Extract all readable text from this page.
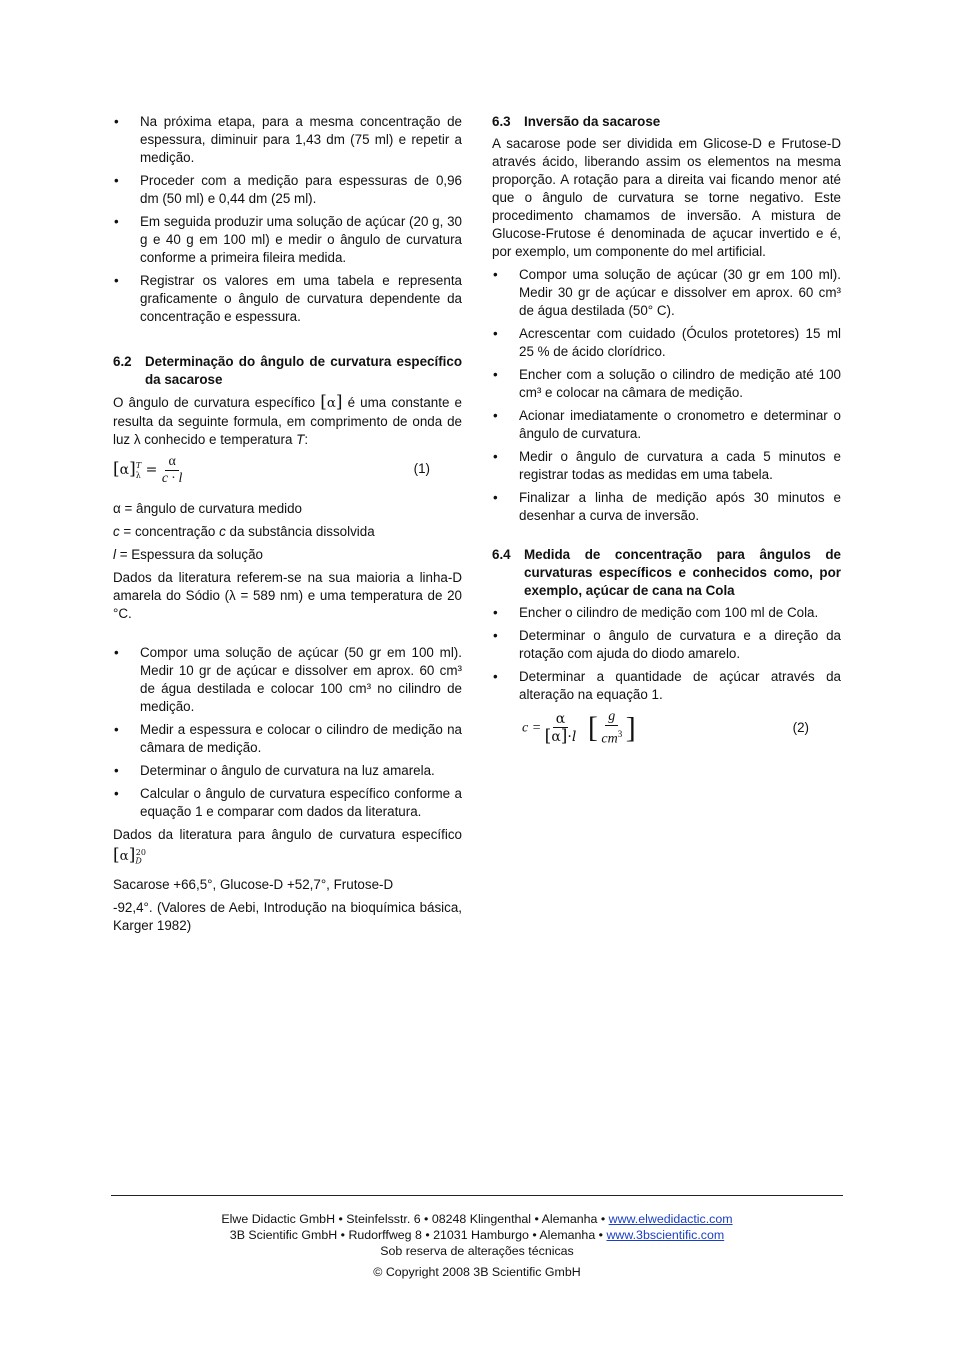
• Na próxima etapa, para a mesma concentração de espessura, diminuir para 1,43 dm (75 ml) e repetir a medição.
• Proceder com a medição para espessuras de 0,96 dm (50 ml) e 0,44 dm (25 ml).
• Em seguida produzir uma solução de açúcar (20 g, 30 g e 40 g em 100 ml) e medir o ângulo de curvatura conforme a primeira fileira medida.
• Registrar os valores em uma tabela e representa graficamente o ângulo de curvatura dependente da concentração e espessura.
6.2 Determinação do ângulo de curvatura específico da sacarose

O ângulo de curvatura específico [α] é uma constante e resulta da seguinte formula, em comprimento de onda de luz λ conhecido e temperatura T:

$[\alpha]_\lambda^T = \frac{\alpha}{c \cdot l}$	(1)

α = ângulo de curvatura medido

c = concentração c da substância dissolvida

l = Espessura da solução

Dados da literatura referem-se na sua maioria a linha-D amarela do Sódio (λ = 589 nm) e uma temperatura de 20 °C.

• Compor uma solução de açúcar (50 gr em 100 ml). Medir 10 gr de açúcar e dissolver em aprox. 60 cm³ de água destilada e colocar 100 cm³ no cilindro de medição.
• Medir a espessura e colocar o cilindro de medição na câmara de medição.
• Determinar o ângulo de curvatura na luz amarela.
• Calcular o ângulo de curvatura específico conforme a equação 1 e comparar com dados da literatura.

Dados da literatura para ângulo de curvatura específico $[\alpha]_D^{20}$

Sacarose +66,5°, Glucose-D +52,7°, Frutose-D

-92,4°. (Valores de Aebi, Introdução na bioquímica básica, Karger 1982)

6.3 Inversão da sacarose

A sacarose pode ser dividida em Glicose-D e Frutose-D através ácido, liberando assim os elementos na mesma proporção. A rotação para a direita vai ficando menor até que o ângulo de curvatura se torne negativo. Este procedimento chamamos de inversão. A mistura de Glucose-Frutose é denominada de açucar invertido e é, por exemplo, um componente do mel artificial.

• Compor uma solução de açúcar (30 gr em 100 ml). Medir 30 gr de açúcar e dissolver em aprox. 60 cm³ de água destilada (50° C).
• Acrescentar com cuidado (Óculos protetores) 15 ml 25 % de ácido clorídrico.
• Encher com a solução o cilindro de medição até 100 cm³ e colocar na câmara de medição.
• Acionar imediatamente o cronometro e determinar o ângulo de curvatura.
• Medir o ângulo de curvatura a cada 5 minutos e registrar todas as medidas em uma tabela.
• Finalizar a linha de medição após 30 minutos e desenhar a curva de inversão.
6.4 Medida de concentração para ângulos de curvaturas específicos e conhecidos como, por exemplo, açúcar de cana na Cola
• Encher o cilindro de medição com 100 ml de Cola.
• Determinar o ângulo de curvatura e a direção da rotação com ajuda do diodo amarelo.
• Determinar a quantidade de açúcar através da alteração na equação 1.
$c = \frac{\alpha}{[\alpha]\cdot l}$ [ $\frac{g}{cm^3}$ ]	(2)
Elwe Didactic GmbH • Steinfelsstr. 6 • 08248 Klingenthal • Alemanha • www.elwedidactic.com
3B Scientific GmbH • Rudorffweg 8 • 21031 Hamburgo • Alemanha • www.3bscientific.com
Sob reserva de alterações técnicas
© Copyright 2008 3B Scientific GmbH
